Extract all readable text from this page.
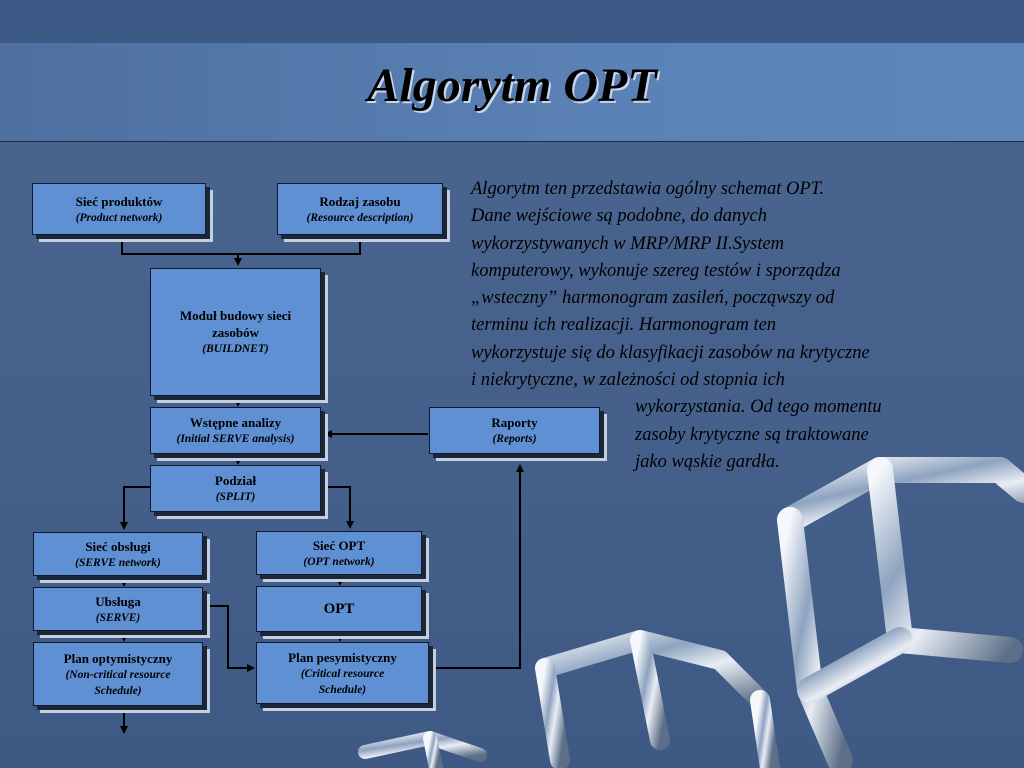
Algorytm OPT
Sieć produktów
(Product network)
Rodzaj zasobu
(Resource description)
Moduł budowy sieci zasobów
(BUILDNET)
Wstępne analizy
(Initial SERVE analysis)
Raporty
(Reports)
Podział
(SPLIT)
Sieć obsługi
(SERVE network)
Sieć OPT
(OPT network)
Ubsługa
(SERVE)
OPT
Plan optymistyczny
(Non-critical resource Schedule)
Plan pesymistyczny
(Critical resource Schedule)
Algorytm ten przedstawia ogólny schemat OPT.
Dane wejściowe są podobne, do danych
wykorzystywanych w MRP/MRP II.System
komputerowy, wykonuje szereg testów i sporządza
„wsteczny” harmonogram zasileń, począwszy od
terminu ich realizacji. Harmonogram ten
wykorzystuje się do klasyfikacji zasobów na krytyczne
i niekrytyczne, w zależności od stopnia ich
wykorzystania. Od tego momentu
zasoby krytyczne są traktowane
jako wąskie gardła.
